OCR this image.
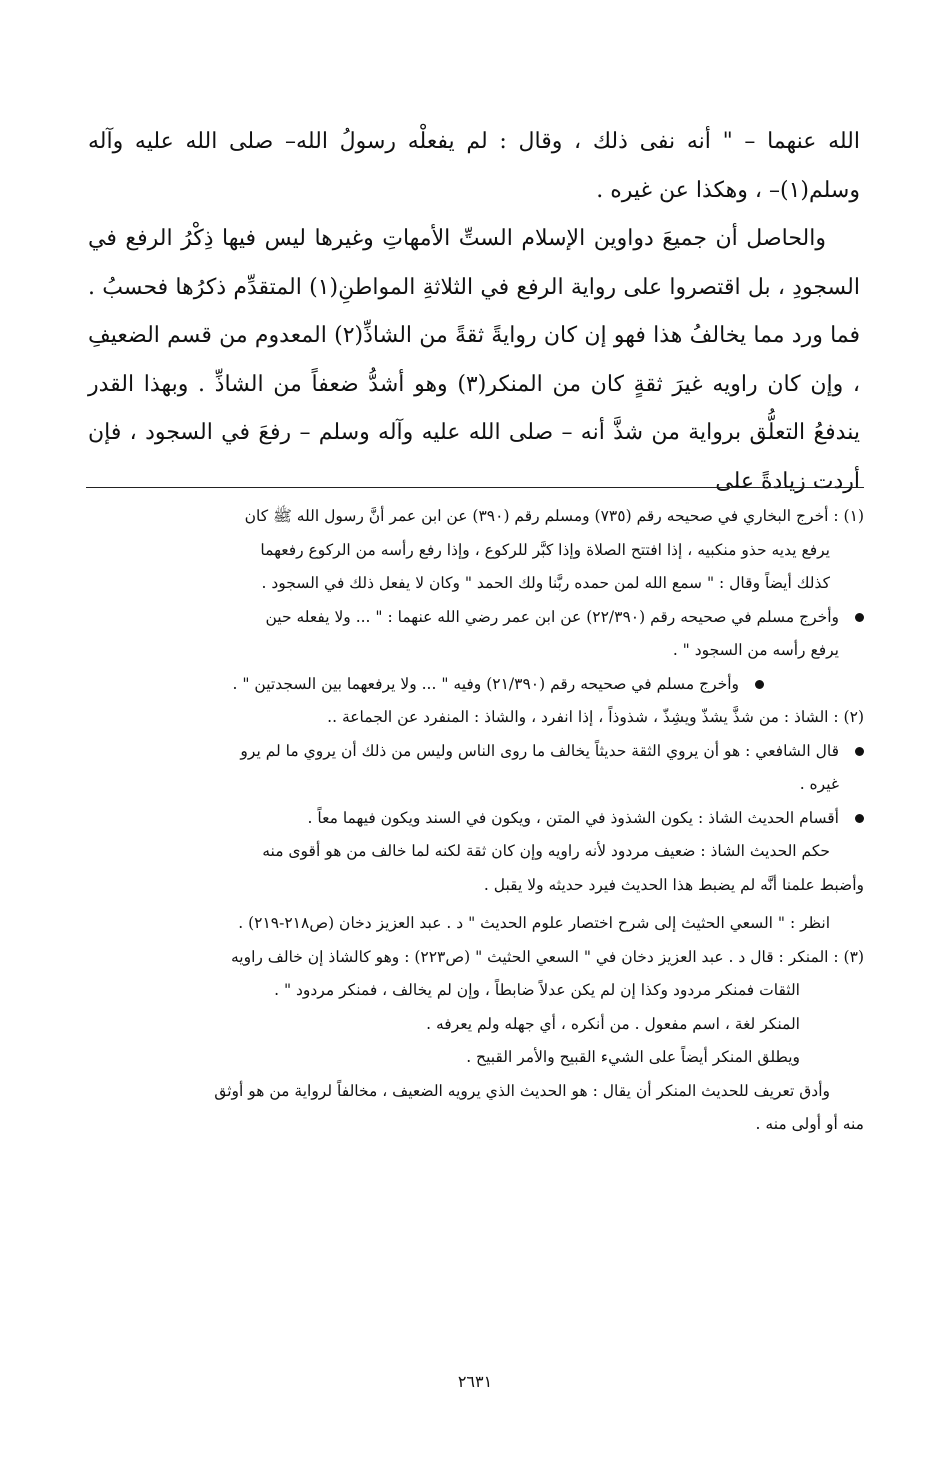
الله عنهما – " أنه نفى ذلك ، وقال : لم يفعلْه رسولُ الله– صلى الله عليه وآله وسلم(١)– ، وهكذا عن غيره .

والحاصل أن جميعَ دواوين الإسلام الستِّ الأمهاتِ وغيرها ليس فيها ذِكْرُ الرفع في السجودِ ، بل اقتصروا على رواية الرفع في الثلاثةِ المواطنِ(١) المتقدِّم ذكرُها فحسبُ . فما ورد مما يخالفُ هذا فهو إن كان روايةً ثقةً من الشاذِّ(٢) المعدوم من قسم الضعيفِ ، وإن كان راويه غيرَ ثقةٍ كان من المنكر(٣) وهو أشدُّ ضعفاً من الشاذِّ . وبهذا القدر يندفعُ التعلُّق برواية من شذَّ أنه – صلى الله عليه وآله وسلم – رفعَ في السجود ، فإن أردت زيادةً على

(١) : أخرج البخاري في صحيحه رقم (٧٣٥) ومسلم رقم (٣٩٠) عن ابن عمر أنَّ رسول الله ﷺ كان
يرفع يديه حذو منكبيه ، إذا افتتح الصلاة وإذا كبَّر للركوع ، وإذا رفع رأسه من الركوع رفعهما
كذلك أيضاً وقال : " سمع الله لمن حمده ربَّنا ولك الحمد " وكان لا يفعل ذلك في السجود .
وأخرج مسلم في صحيحه رقم (٢٢/٣٩٠) عن ابن عمر رضي الله عنهما : " ... ولا يفعله حين
يرفع رأسه من السجود " .
وأخرج مسلم في صحيحه رقم (٢١/٣٩٠) وفيه " ... ولا يرفعهما بين السجدتين " .
(٢) : الشاذ : من شذَّ يشذّ ويشِذّ ، شذوذاً ، إذا انفرد ، والشاذ : المنفرد عن الجماعة ..
قال الشافعي : هو أن يروي الثقة حديثاً يخالف ما روى الناس وليس من ذلك أن يروي ما لم يرو
غيره .
أقسام الحديث الشاذ : يكون الشذوذ في المتن ، ويكون في السند ويكون فيهما معاً .
حكم الحديث الشاذ : ضعيف مردود لأنه راويه وإن كان ثقة لكنه لما خالف من هو أقوى منه
وأضبط علمنا أنَّه لم يضبط هذا الحديث فيرد حديثه ولا يقبل .
انظر : " السعي الحثيث إلى شرح اختصار علوم الحديث " د . عبد العزيز دخان (ص٢١٨-٢١٩) .
(٣) : المنكر : قال د . عبد العزيز دخان في " السعي الحثيث " (ص٢٢٣) : وهو كالشاذ إن خالف راويه
الثقات فمنكر مردود وكذا إن لم يكن عدلاً ضابطاً ، وإن لم يخالف ، فمنكر مردود " .
المنكر لغة ، اسم مفعول . من أنكره ، أي جهله ولم يعرفه .
ويطلق المنكر أيضاً على الشيء القبيح والأمر القبيح .
وأدق تعريف للحديث المنكر أن يقال : هو الحديث الذي يرويه الضعيف ، مخالفاً لرواية من هو أوثق
منه أو أولى منه .
٢٦٣١
